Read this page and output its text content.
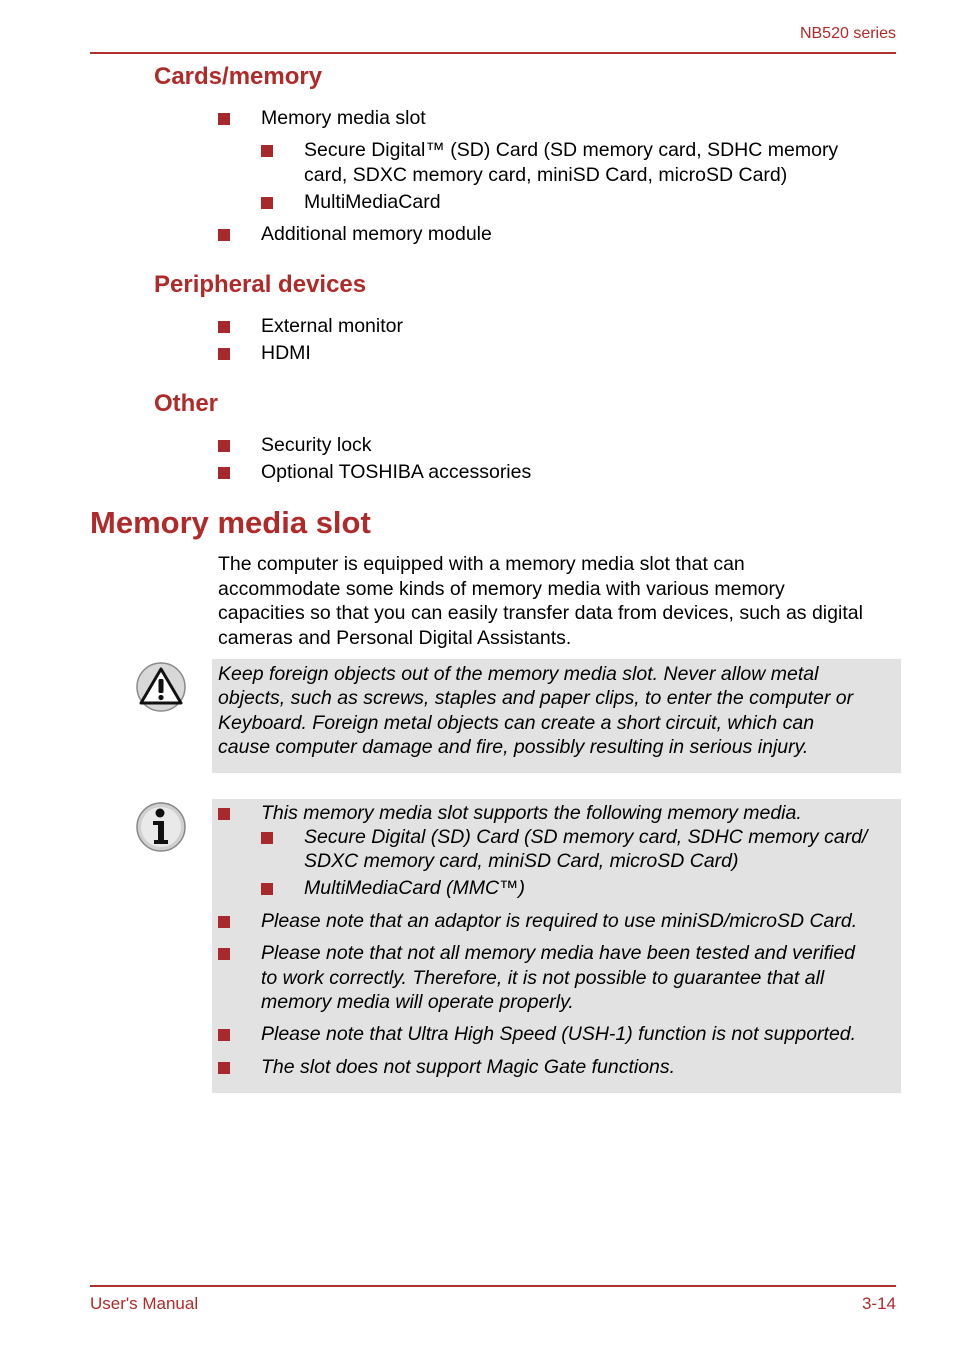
NB520 series
Cards/memory
Memory media slot
Secure Digital™ (SD) Card (SD memory card, SDHC memory
card, SDXC memory card, miniSD Card, microSD Card)
MultiMediaCard
Additional memory module
Peripheral devices
External monitor
HDMI
Other
Security lock
Optional TOSHIBA accessories
Memory media slot
The computer is equipped with a memory media slot that can
accommodate some kinds of memory media with various memory
capacities so that you can easily transfer data from devices, such as digital
cameras and Personal Digital Assistants.
Keep foreign objects out of the memory media slot. Never allow metal
objects, such as screws, staples and paper clips, to enter the computer or
Keyboard. Foreign metal objects can create a short circuit, which can
cause computer damage and fire, possibly resulting in serious injury.
This memory media slot supports the following memory media.
Secure Digital (SD) Card (SD memory card, SDHC memory card/
SDXC memory card, miniSD Card, microSD Card)
MultiMediaCard (MMC™)
Please note that an adaptor is required to use miniSD/microSD Card.
Please note that not all memory media have been tested and verified
to work correctly. Therefore, it is not possible to guarantee that all
memory media will operate properly.
Please note that Ultra High Speed (USH-1) function is not supported.
The slot does not support Magic Gate functions.
User's Manual	3-14
